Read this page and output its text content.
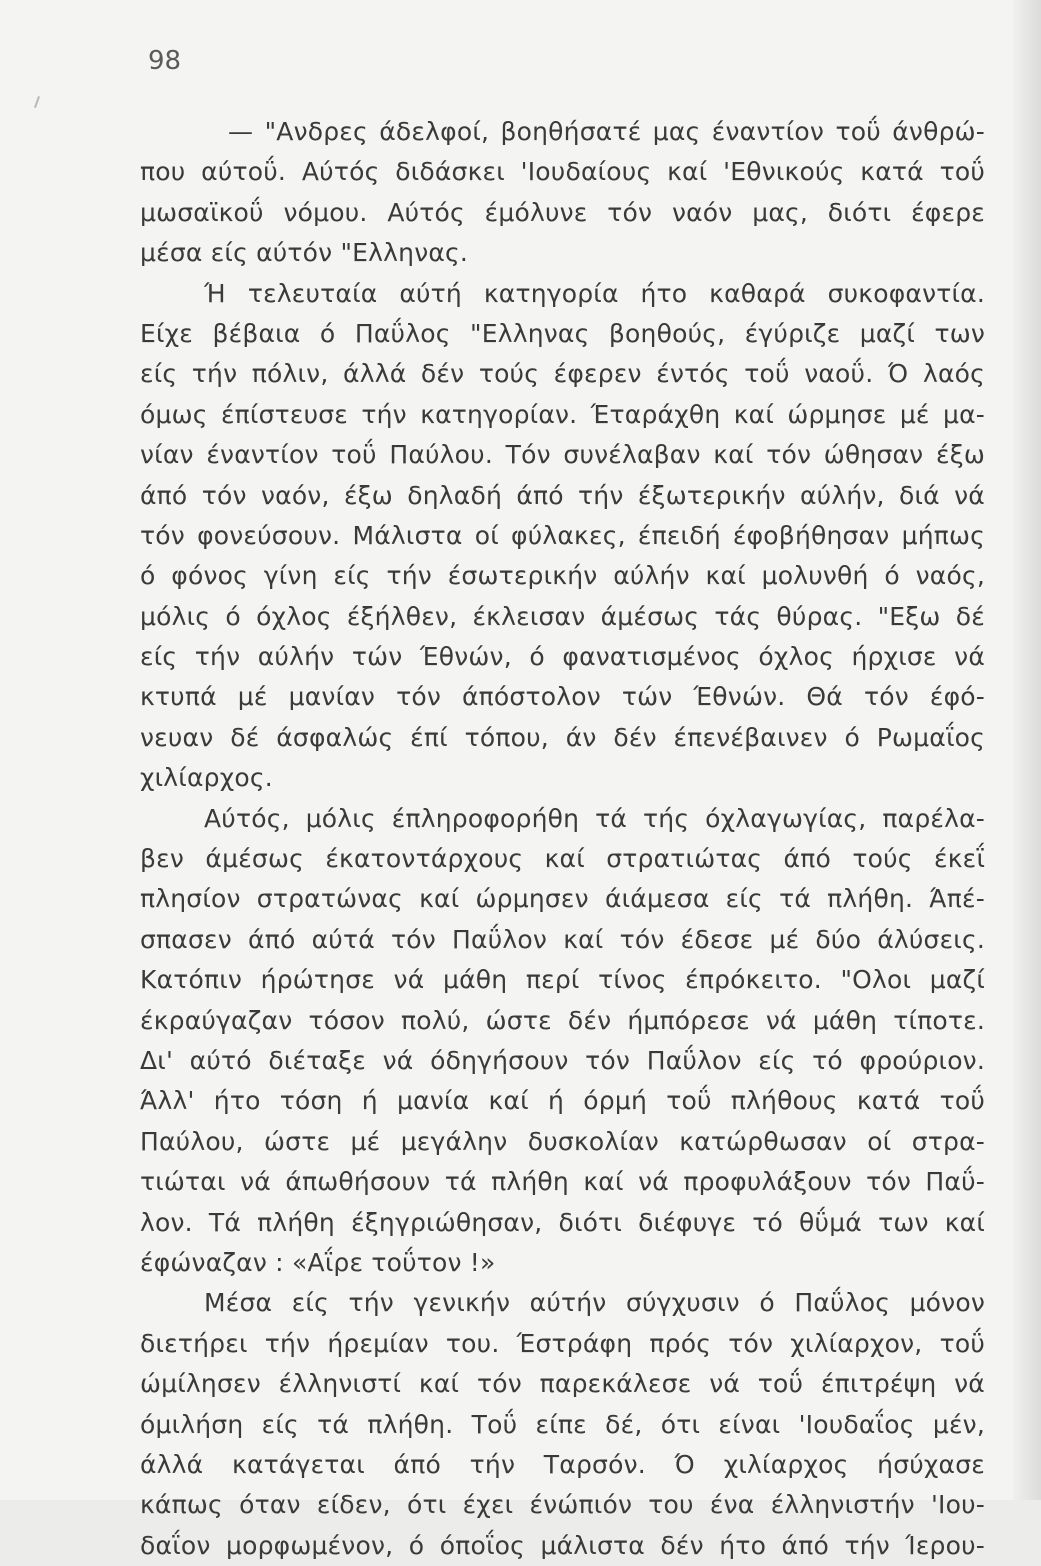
98
— "Ανδρες άδελφοί, βοηθήσατέ μας έναντίον τοΰ άνθρώ-
που αύτοΰ. Αύτός διδάσκει 'Ιουδαίους καί 'Εθνικούς κατά τοΰ
μωσαϊκοΰ νόμου. Αύτός έμόλυνε τόν ναόν μας, διότι έφερε
μέσα είς αύτόν "Ελληνας.
Ή τελευταία αύτή κατηγορία ήτο καθαρά συκοφαντία.
Είχε βέβαια ό Παΰλος "Ελληνας βοηθούς, έγύριζε μαζί των
είς τήν πόλιν, άλλά δέν τούς έφερεν έντός τοΰ ναοΰ. Ό λαός
όμως έπίστευσε τήν κατηγορίαν. Έταράχθη καί ώρμησε μέ μα-
νίαν έναντίον τοΰ Παύλου. Τόν συνέλαβαν καί τόν ώθησαν έξω
άπό τόν ναόν, έξω δηλαδή άπό τήν έξωτερικήν αύλήν, διά νά
τόν φονεύσουν. Μάλιστα οί φύλακες, έπειδή έφοβήθησαν μήπως
ό φόνος γίνη είς τήν έσωτερικήν αύλήν καί μολυνθή ό ναός,
μόλις ό όχλος έξήλθεν, έκλεισαν άμέσως τάς θύρας. "Εξω δέ
είς τήν αύλήν τών Έθνών, ό φανατισμένος όχλος ήρχισε νά
κτυπά μέ μανίαν τόν άπόστολον τών Έθνών. Θά τόν έφό-
νευαν δέ άσφαλώς έπί τόπου, άν δέν έπενέβαινεν ό Ρωμαΐος
χιλίαρχος.
Αύτός, μόλις έπληροφορήθη τά τής όχλαγωγίας, παρέλα-
βεν άμέσως έκατοντάρχους καί στρατιώτας άπό τούς έκεΐ
πλησίον στρατώνας καί ώρμησεν άιάμεσα είς τά πλήθη. Άπέ-
σπασεν άπό αύτά τόν Παΰλον καί τόν έδεσε μέ δύο άλύσεις.
Κατόπιν ήρώτησε νά μάθη περί τίνος έπρόκειτο. "Ολοι μαζί
έκραύγαζαν τόσον πολύ, ώστε δέν ήμπόρεσε νά μάθη τίποτε.
Δι' αύτό διέταξε νά όδηγήσουν τόν Παΰλον είς τό φρούριον.
Άλλ' ήτο τόση ή μανία καί ή όρμή τοΰ πλήθους κατά τοΰ
Παύλου, ώστε μέ μεγάλην δυσκολίαν κατώρθωσαν οί στρα-
τιώται νά άπωθήσουν τά πλήθη καί νά προφυλάξουν τόν Παΰ-
λον. Τά πλήθη έξηγριώθησαν, διότι διέφυγε τό θΰμά των καί
έφώναζαν : «Αΐρε τοΰτον !»
Μέσα είς τήν γενικήν αύτήν σύγχυσιν ό Παΰλος μόνον
διετήρει τήν ήρεμίαν του. Έστράφη πρός τόν χιλίαρχον, τοΰ
ώμίλησεν έλληνιστί καί τόν παρεκάλεσε νά τοΰ έπιτρέψη νά
όμιλήση είς τά πλήθη. Τοΰ είπε δέ, ότι είναι 'Ιουδαΐος μέν,
άλλά κατάγεται άπό τήν Ταρσόν. Ό χιλίαρχος ήσύχασε
κάπως όταν είδεν, ότι έχει ένώπιόν του ένα έλληνιστήν 'Ιου-
δαΐον μορφωμένον, ό όποΐος μάλιστα δέν ήτο άπό τήν Ίερου-
